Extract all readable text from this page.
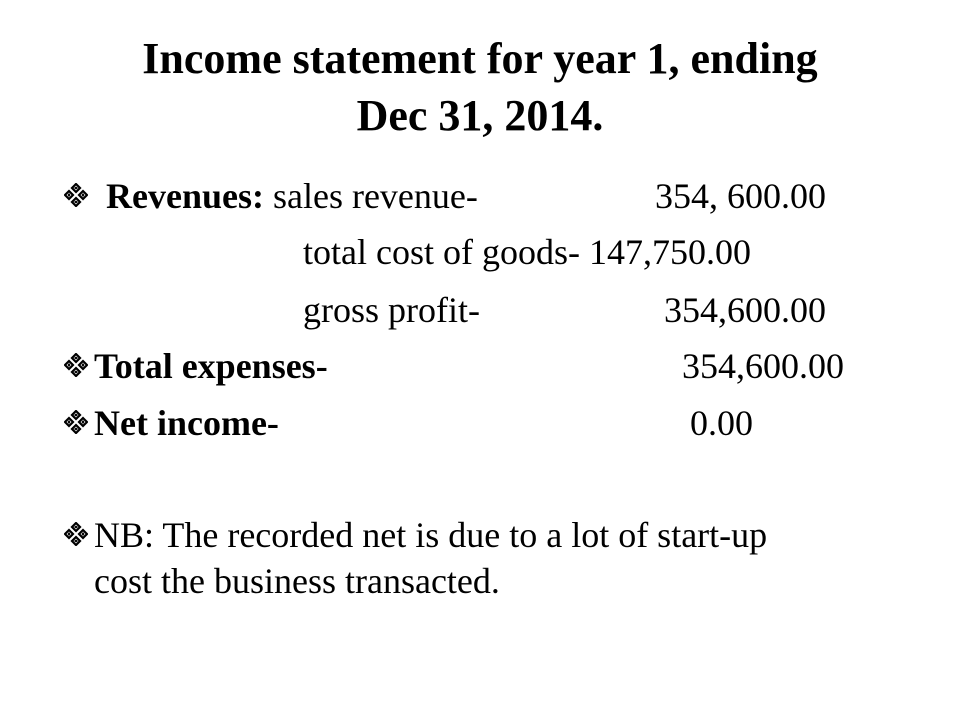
Income statement for year 1, ending
Dec 31, 2014.
Revenues: sales revenue-	354, 600.00
total cost of goods- 147,750.00
gross profit-	354,600.00
Total expenses-	354,600.00
Net income-	0.00
NB: The recorded net is due to a lot of start-up
cost the business transacted.
